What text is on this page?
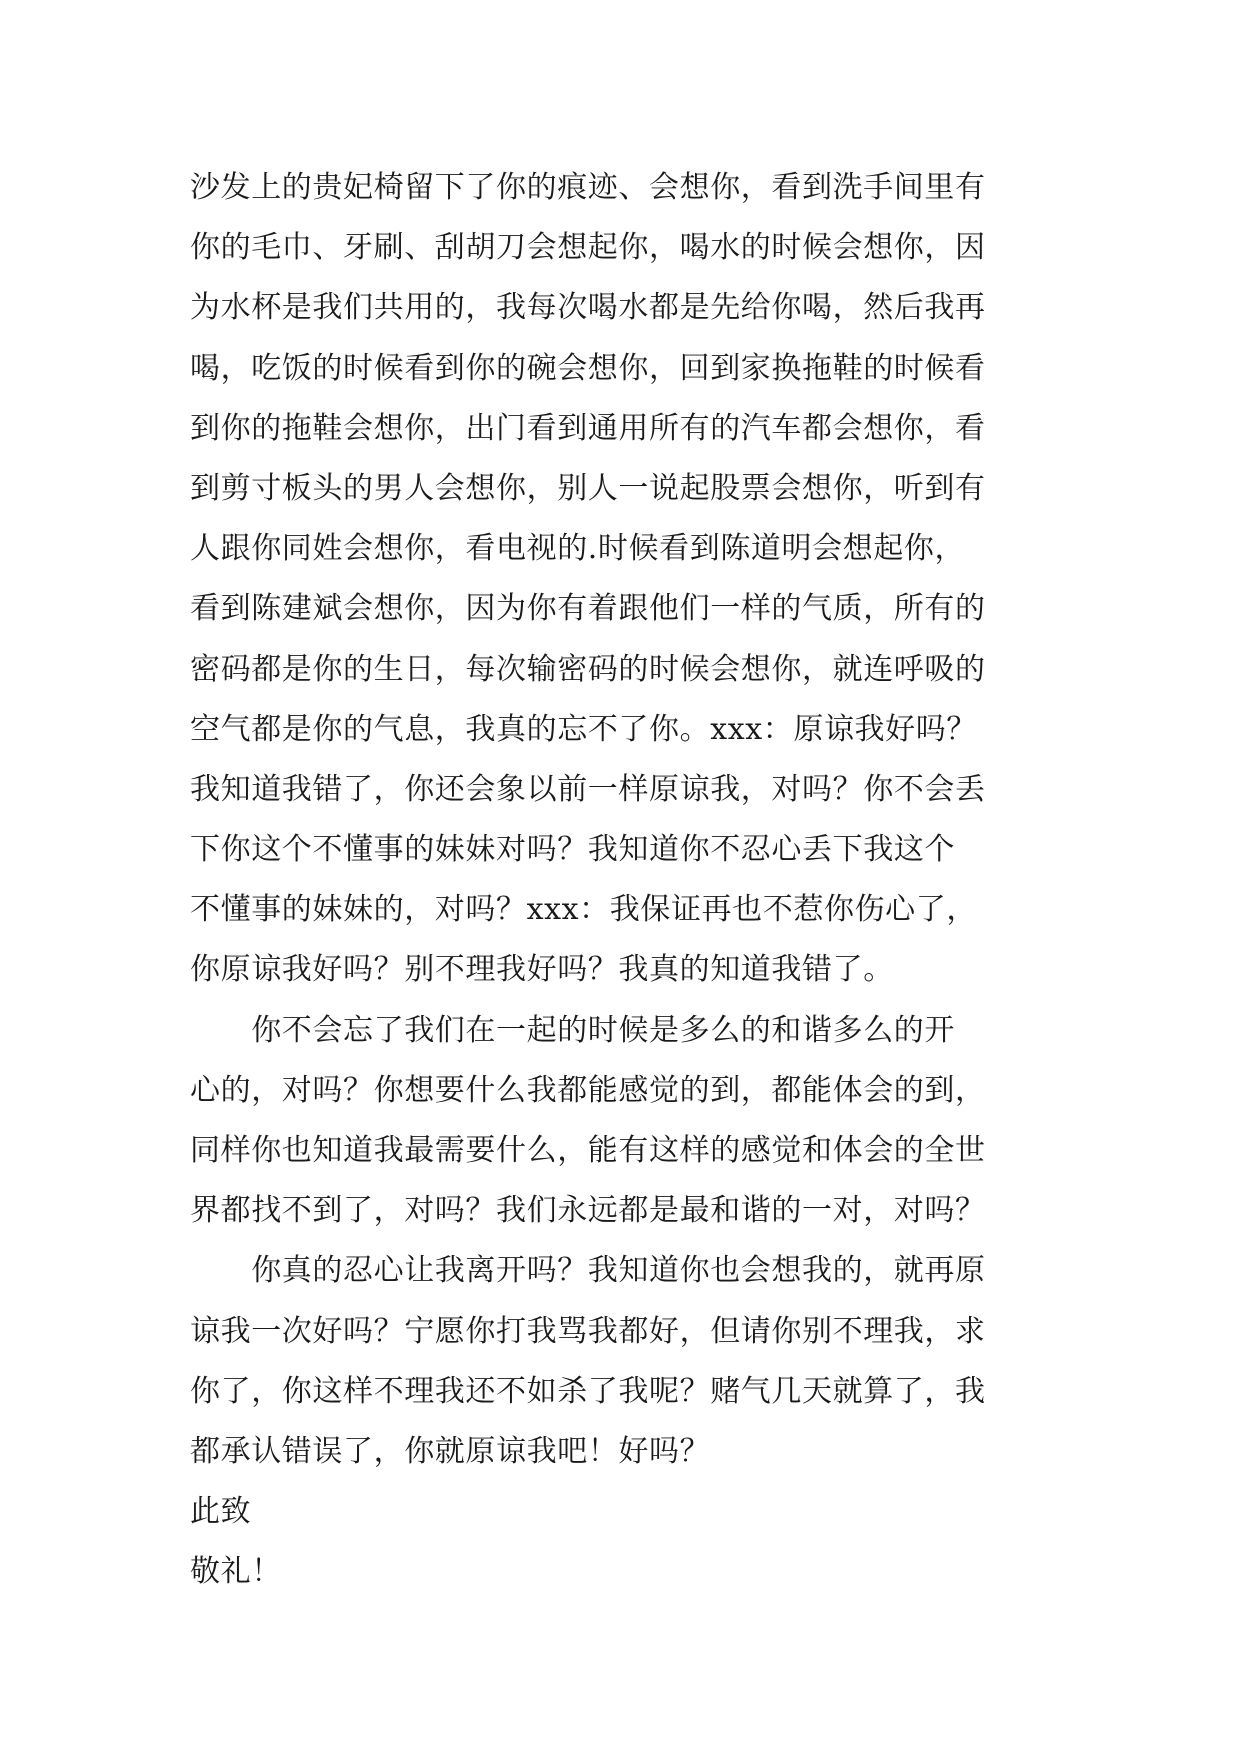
沙发上的贵妃椅留下了你的痕迹、会想你，看到洗手间里有
你的毛巾、牙刷、刮胡刀会想起你，喝水的时候会想你，因
为水杯是我们共用的，我每次喝水都是先给你喝，然后我再
喝，吃饭的时候看到你的碗会想你，回到家换拖鞋的时候看
到你的拖鞋会想你，出门看到通用所有的汽车都会想你，看
到剪寸板头的男人会想你，别人一说起股票会想你，听到有
人跟你同姓会想你，看电视的.时候看到陈道明会想起你，
看到陈建斌会想你，因为你有着跟他们一样的气质，所有的
密码都是你的生日，每次输密码的时候会想你，就连呼吸的
空气都是你的气息，我真的忘不了你。xxx：原谅我好吗？
我知道我错了，你还会象以前一样原谅我，对吗？你不会丢
下你这个不懂事的妹妹对吗？我知道你不忍心丢下我这个
不懂事的妹妹的，对吗？xxx：我保证再也不惹你伤心了，
你原谅我好吗？别不理我好吗？我真的知道我错了。
　　你不会忘了我们在一起的时候是多么的和谐多么的开
心的，对吗？你想要什么我都能感觉的到，都能体会的到，
同样你也知道我最需要什么，能有这样的感觉和体会的全世
界都找不到了，对吗？我们永远都是最和谐的一对，对吗？
　　你真的忍心让我离开吗？我知道你也会想我的，就再原
谅我一次好吗？宁愿你打我骂我都好，但请你别不理我，求
你了，你这样不理我还不如杀了我呢？赌气几天就算了，我
都承认错误了，你就原谅我吧！好吗？
此致
敬礼！
